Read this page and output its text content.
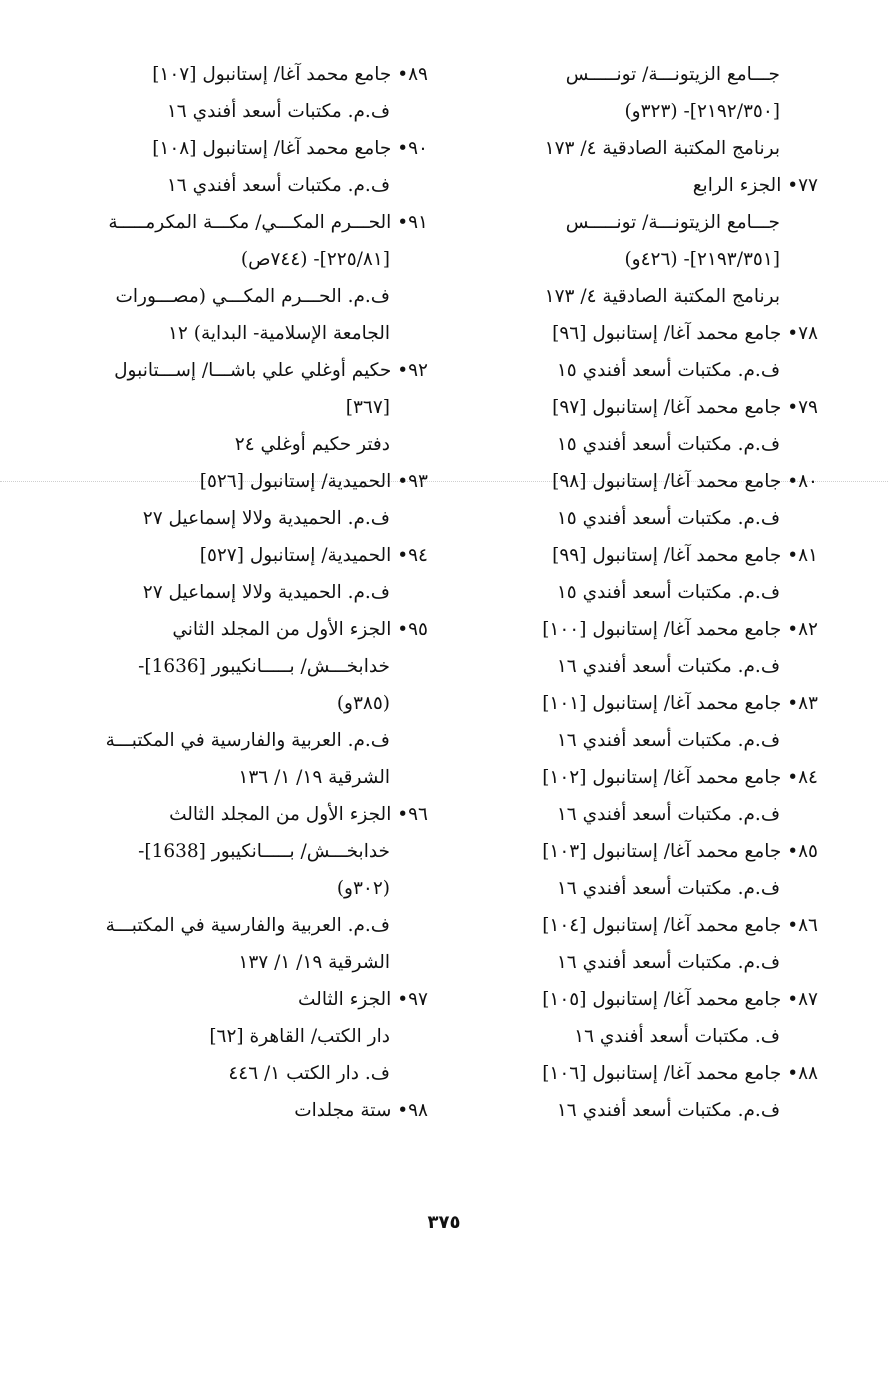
جـــامع الزيتونـــة/ تونـــــس
[٢١٩٢/٣٥٠]- (٣٢٣و)
برنامج المكتبة الصادقية ٤/ ١٧٣
٧٧• الجزء الرابع
جـــامع الزيتونـــة/ تونـــــس
[٢١٩٣/٣٥١]- (٤٢٦و)
برنامج المكتبة الصادقية ٤/ ١٧٣
٧٨• جامع محمد آغا/ إستانبول [٩٦]
ف.م. مكتبات أسعد أفندي ١٥
٧٩• جامع محمد آغا/ إستانبول [٩٧]
ف.م. مكتبات أسعد أفندي ١٥
٨٠• جامع محمد آغا/ إستانبول [٩٨]
ف.م. مكتبات أسعد أفندي ١٥
٨١• جامع محمد آغا/ إستانبول [٩٩]
ف.م. مكتبات أسعد أفندي ١٥
٨٢• جامع محمد آغا/ إستانبول [١٠٠]
ف.م. مكتبات أسعد أفندي ١٦
٨٣• جامع محمد آغا/ إستانبول [١٠١]
ف.م. مكتبات أسعد أفندي ١٦
٨٤• جامع محمد آغا/ إستانبول [١٠٢]
ف.م. مكتبات أسعد أفندي ١٦
٨٥• جامع محمد آغا/ إستانبول [١٠٣]
ف.م. مكتبات أسعد أفندي ١٦
٨٦• جامع محمد آغا/ إستانبول [١٠٤]
ف.م. مكتبات أسعد أفندي ١٦
٨٧• جامع محمد آغا/ إستانبول [١٠٥]
ف. مكتبات أسعد أفندي ١٦
٨٨• جامع محمد آغا/ إستانبول [١٠٦]
ف.م. مكتبات أسعد أفندي ١٦
٨٩• جامع محمد آغا/ إستانبول [١٠٧]
ف.م. مكتبات أسعد أفندي ١٦
٩٠• جامع محمد آغا/ إستانبول [١٠٨]
ف.م. مكتبات أسعد أفندي ١٦
٩١• الحـــرم المكـــي/ مكـــة المكرمـــــة
[٢٢٥/٨١]- (٧٤٤ص)
ف.م. الحـــرم المكـــي (مصـــورات
الجامعة الإسلامية- البداية) ١٢
٩٢• حكيم أوغلي علي باشـــا/ إســـتانبول
[٣٦٧]
دفتر حكيم أوغلي ٢٤
٩٣• الحميدية/ إستانبول [٥٢٦]
ف.م. الحميدية ولالا إسماعيل ٢٧
٩٤• الحميدية/ إستانبول [٥٢٧]
ف.م. الحميدية ولالا إسماعيل ٢٧
٩٥• الجزء الأول من المجلد الثاني
خدابخـــش/ بـــــانكيبور [1636]-
(٣٨٥و)
ف.م. العربية والفارسية في المكتبـــة
الشرقية ١٩/ ١/ ١٣٦
٩٦• الجزء الأول من المجلد الثالث
خدابخـــش/ بـــــانكيبور [1638]-
(٣٠٢و)
ف.م. العربية والفارسية في المكتبـــة
الشرقية ١٩/ ١/ ١٣٧
٩٧• الجزء الثالث
دار الكتب/ القاهرة [٦٢]
ف. دار الكتب ١/ ٤٤٦
٩٨• ستة مجلدات
٣٧٥
